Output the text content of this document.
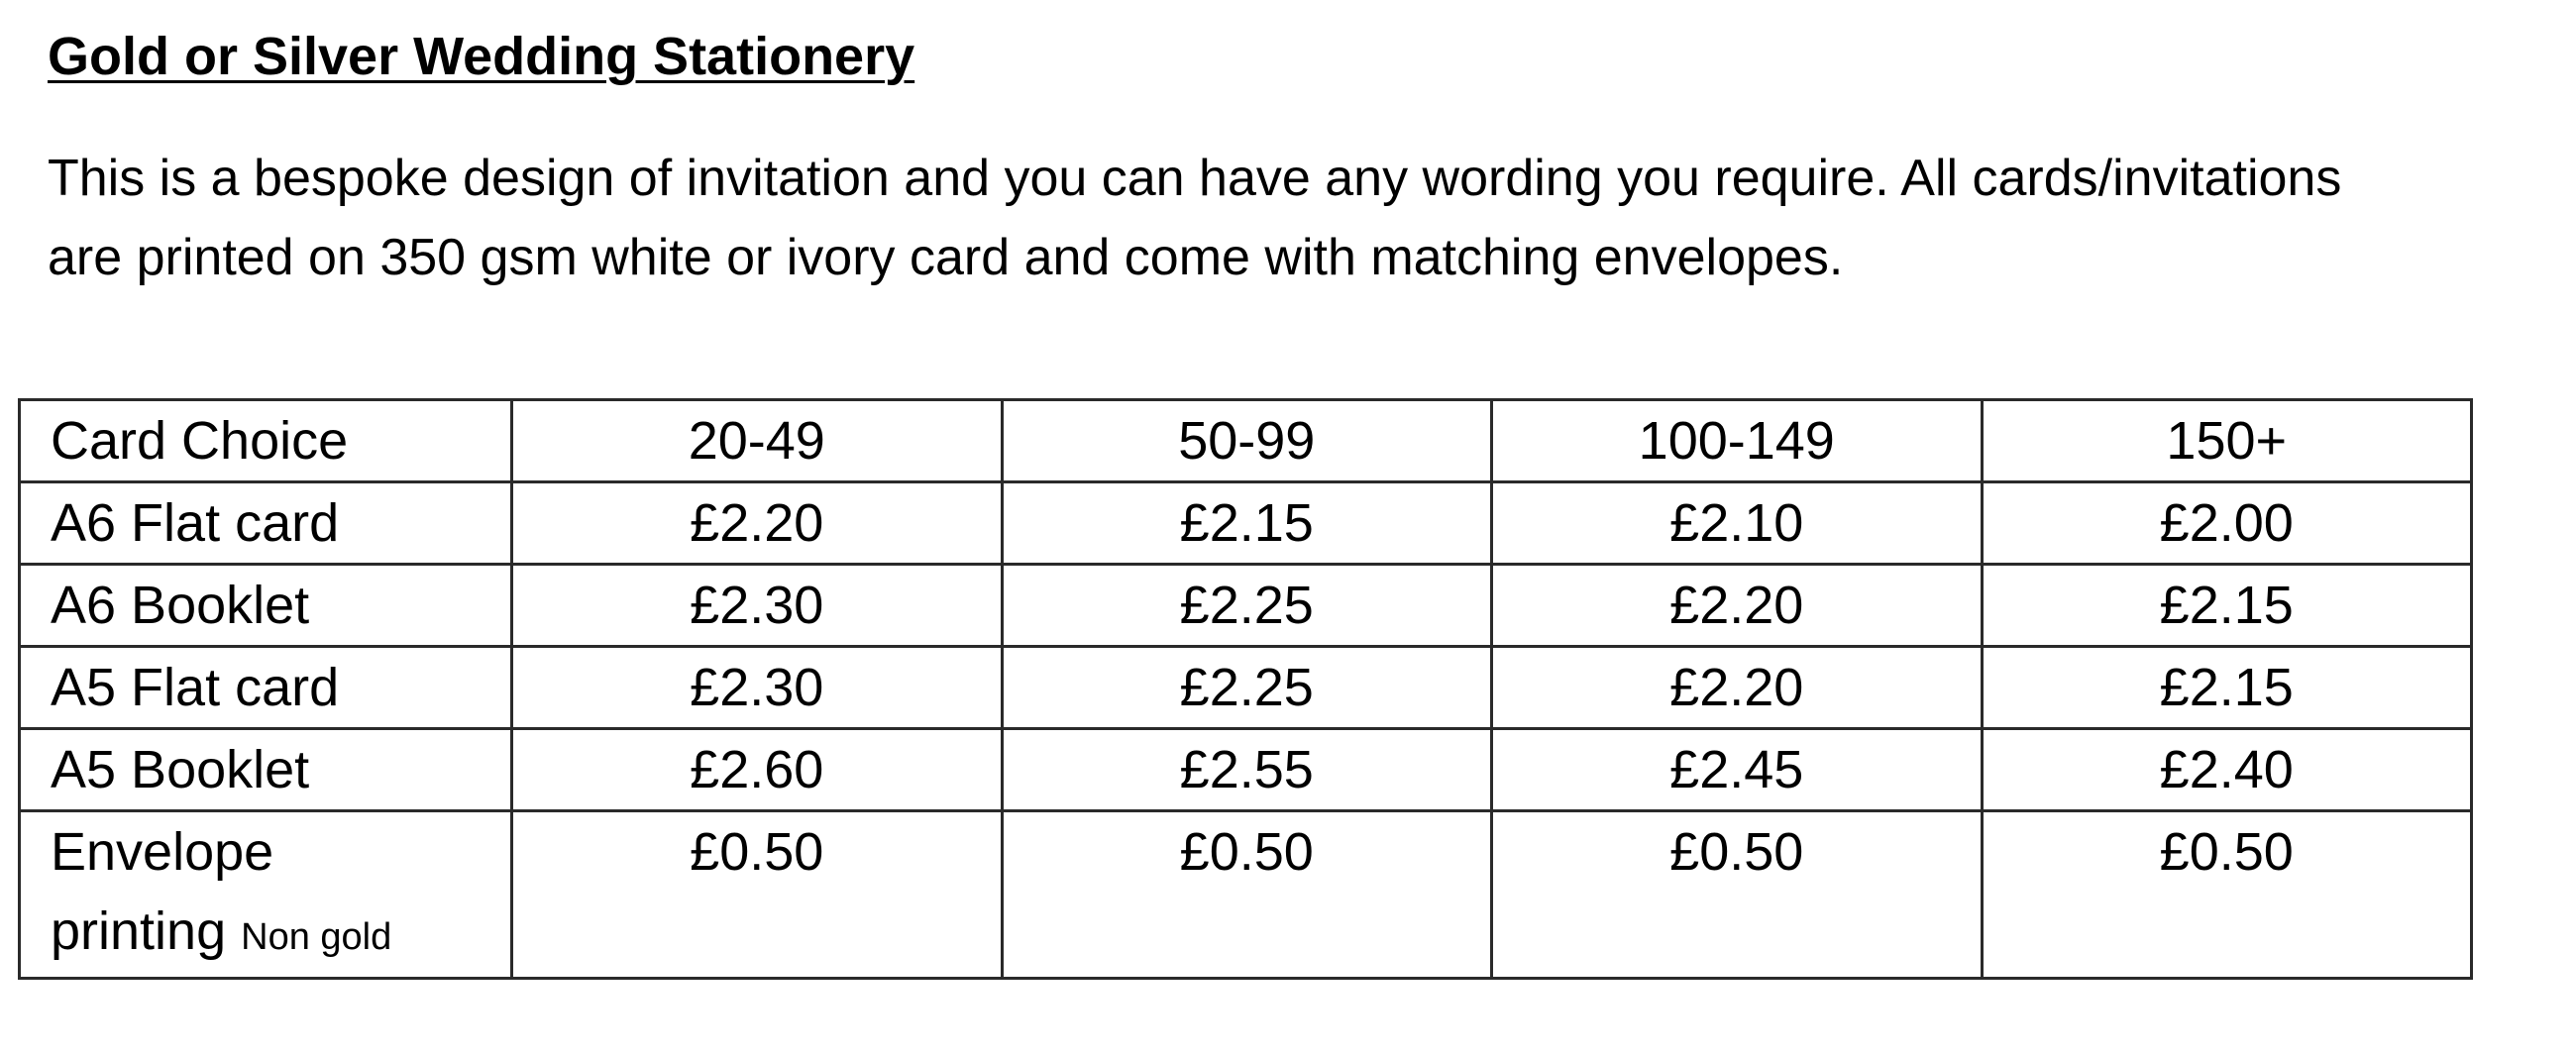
Gold or Silver Wedding Stationery

This is a bespoke design of invitation and you can have any wording you require. All cards/invitations
are printed on 350 gsm white or ivory card and come with matching envelopes.

Card Choice	20-49	50-99	100-149	150+
A6 Flat card	£2.20	£2.15	£2.10	£2.00
A6 Booklet	£2.30	£2.25	£2.20	£2.15
A5 Flat card	£2.30	£2.25	£2.20	£2.15
A5 Booklet	£2.60	£2.55	£2.45	£2.40

Envelope
printing Non gold	£0.50	£0.50	£0.50	£0.50
